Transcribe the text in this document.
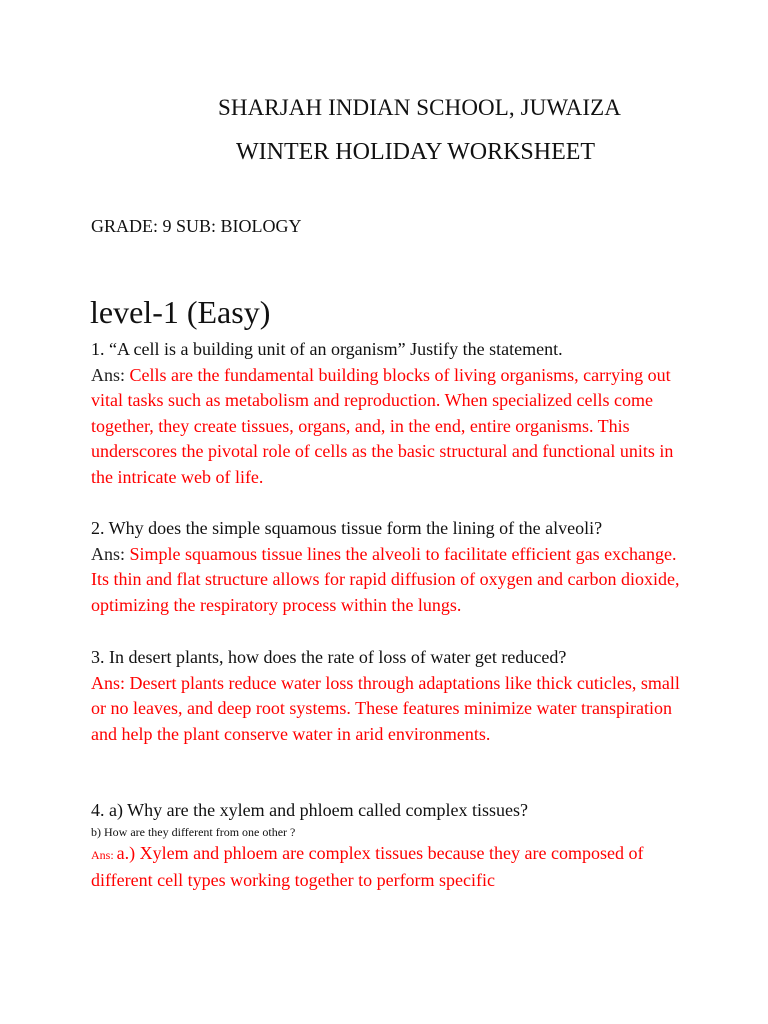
SHARJAH INDIAN SCHOOL, JUWAIZA
WINTER HOLIDAY WORKSHEET
GRADE: 9 SUB: BIOLOGY
level-1 (Easy)
1. “A cell is a building unit of an organism” Justify the statement.
Ans: Cells are the fundamental building blocks of living organisms, carrying out vital tasks such as metabolism and reproduction. When specialized cells come together, they create tissues, organs, and, in the end, entire organisms. This underscores the pivotal role of cells as the basic structural and functional units in the intricate web of life.
2. Why does the simple squamous tissue form the lining of the alveoli?
Ans: Simple squamous tissue lines the alveoli to facilitate efficient gas exchange. Its thin and flat structure allows for rapid diffusion of oxygen and carbon dioxide, optimizing the respiratory process within the lungs.
3. In desert plants, how does the rate of loss of water get reduced?
Ans: Desert plants reduce water loss through adaptations like thick cuticles, small or no leaves, and deep root systems. These features minimize water transpiration and help the plant conserve water in arid environments.
4. a) Why are the xylem and phloem called complex tissues?
b) How are they different from one other ?
Ans: a.) Xylem and phloem are complex tissues because they are composed of different cell types working together to perform specific
